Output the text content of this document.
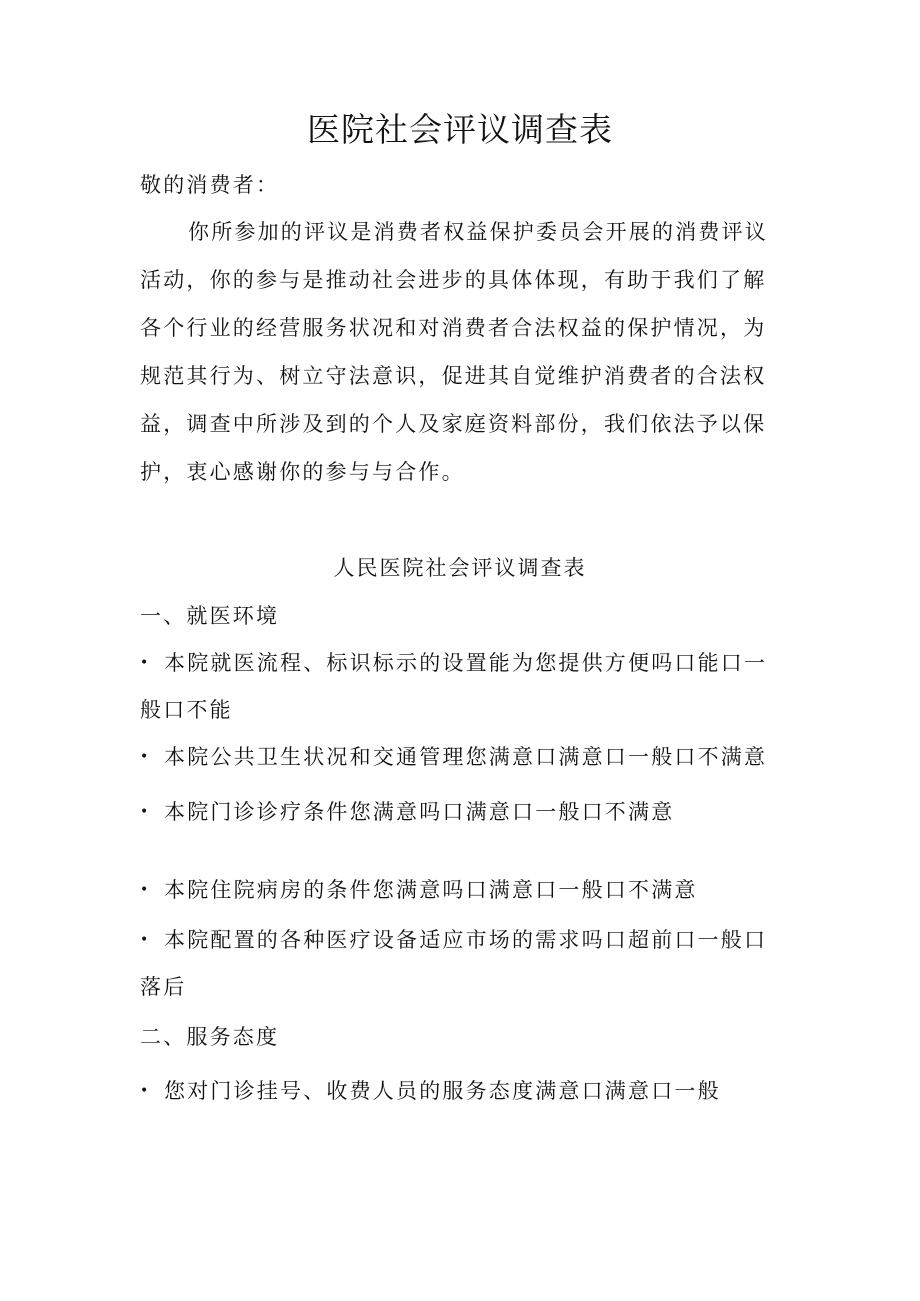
医院社会评议调查表

敬的消费者：

你所参加的评议是消费者权益保护委员会开展的消费评议

活动，你的参与是推动社会进步的具体体现，有助于我们了解

各个行业的经营服务状况和对消费者合法权益的保护情况，为

规范其行为、树立守法意识，促进其自觉维护消费者的合法权

益，调查中所涉及到的个人及家庭资料部份，我们依法予以保

护，衷心感谢你的参与与合作。

人民医院社会评议调查表

一、就医环境

• 本院就医流程、标识标示的设置能为您提供方便吗口能口一

般口不能

• 本院公共卫生状况和交通管理您满意口满意口一般口不满意

• 本院门诊诊疗条件您满意吗口满意口一般口不满意

• 本院住院病房的条件您满意吗口满意口一般口不满意

• 本院配置的各种医疗设备适应市场的需求吗口超前口一般口

落后

二、服务态度

• 您对门诊挂号、收费人员的服务态度满意口满意口一般
